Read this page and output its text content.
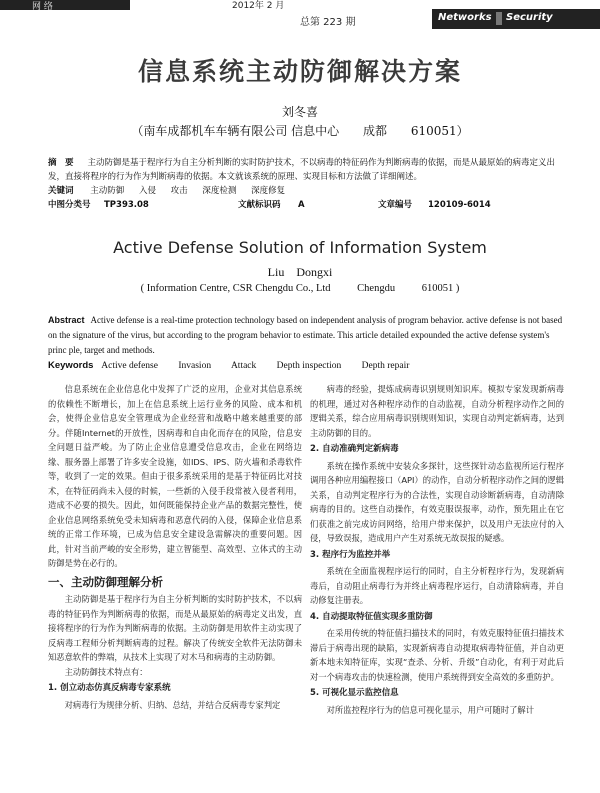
网 络	2012年 2 月
总第 223 期	Networks Security
信息系统主动防御解决方案
刘冬喜
（南车成都机车车辆有限公司 信息中心 成都 610051）
摘　要 主动防御是基于程序行为自主分析判断的实时防护技术，不以病毒的特征码作为判断病毒的依据，而是从最原始的病毒定义出发，直接将程序的行为作为判断病毒的依据。本文就该系统的原理、实现目标和方法做了详细阐述。
关键词 主动防御 入侵 攻击 深度检测 深度修复
中图分类号 TP393.08	文献标识码 A	文章编号 120109-6014
Active Defense Solution of Information System
Liu　Dongxi
( Information Centre, CSR Chengdu Co., Ltd	Chengdu	610051 )
Abstract Active defense is a real-time protection technology based on independent analysis of program behavior. active defense is not based on the signature of the virus, but according to the program behavior to estimate. This article detailed expounded the active defense system's princ ple, target and methods.
Keywords Active defense Invasion Attack Depth inspection Depth repair

信息系统在企业信息化中发挥了广泛的应用，企业对其信息系统的依赖性不断增长，加上在信息系统上运行业务的风险、成本和机会，使得企业信息安全管理成为企业经营和战略中越来越重要的部分。伴随Internet的开放性，因病毒和自由化而存在的风险，信息安全问题日益严峻。为了防止企业信息遭受信息攻击，企业在网络边缘、服务器上部署了许多安全设施，如IDS、IPS、防火墙和杀毒软件等，收到了一定的效果。但由于很多系统采用的是基于特征码比对技术，在特征码尚未入侵的时候，一些新的入侵手段常被入侵者利用，造成不必要的损失。因此，如何既能保持企业产品的数据完整性，使企业信息网络系统免受未知病毒和恶意代码的入侵，保障企业信息系统的正常工作环境，已成为信息安全建设急需解决的重要问题。因此，针对当前严峻的安全形势，建立智能型、高效型、立体式的主动防御是势在必行的。

一、主动防御理解分析

主动防御是基于程序行为自主分析判断的实时防护技术，不以病毒的特征码作为判断病毒的依据，而是从最原始的病毒定义出发，直接将程序的行为作为判断病毒的依据。主动防御是用软件主动实现了反病毒工程师分析判断病毒的过程。解决了传统安全软件无法防御未知恶意软件的弊端，从技术上实现了对木马和病毒的主动防御。

主动防御技术特点有：

1. 创立动态仿真反病毒专家系统

对病毒行为规律分析、归纳、总结，并结合反病毒专家判定

病毒的经验，提炼成病毒识别规则知识库。模拟专家发现新病毒的机理，通过对各种程序动作的自动监视，自动分析程序动作之间的逻辑关系，综合应用病毒识别规则知识，实现自动判定新病毒，达到主动防御的目的。

2. 自动准确判定新病毒

系统在操作系统中安装众多探针，这些探针动态监视所运行程序调用各种应用编程接口（API）的动作，自动分析程序动作之间的逻辑关系，自动判定程序行为的合法性，实现自动诊断新病毒，自动清除病毒的目的。这些自动操作，有效克服误报率，动作，预先阻止在它们获准之前完成访问网络，给用户带来保护，以及用户无法应付的入侵，导致误报，造成用户产生对系统无故误报的疑惑。

3. 程序行为监控并举

系统在全面监视程序运行的同时，自主分析程序行为，发现新病毒后，自动阻止病毒行为并终止病毒程序运行，自动清除病毒，并自动修复注册表。

4. 自动提取特征值实现多重防御

在采用传统的特征值扫描技术的同时，有效克服特征值扫描技术滞后于病毒出现的缺陷，实现新病毒自动提取病毒特征值，并自动更新本地未知特征库，实现“查杀、分析、升级”自动化，有利于对此后对一个病毒攻击的快速检测，使用户系统得到安全高效的多重防护。

5. 可视化显示监控信息

对所监控程序行为的信息可视化显示，用户可随时了解计
